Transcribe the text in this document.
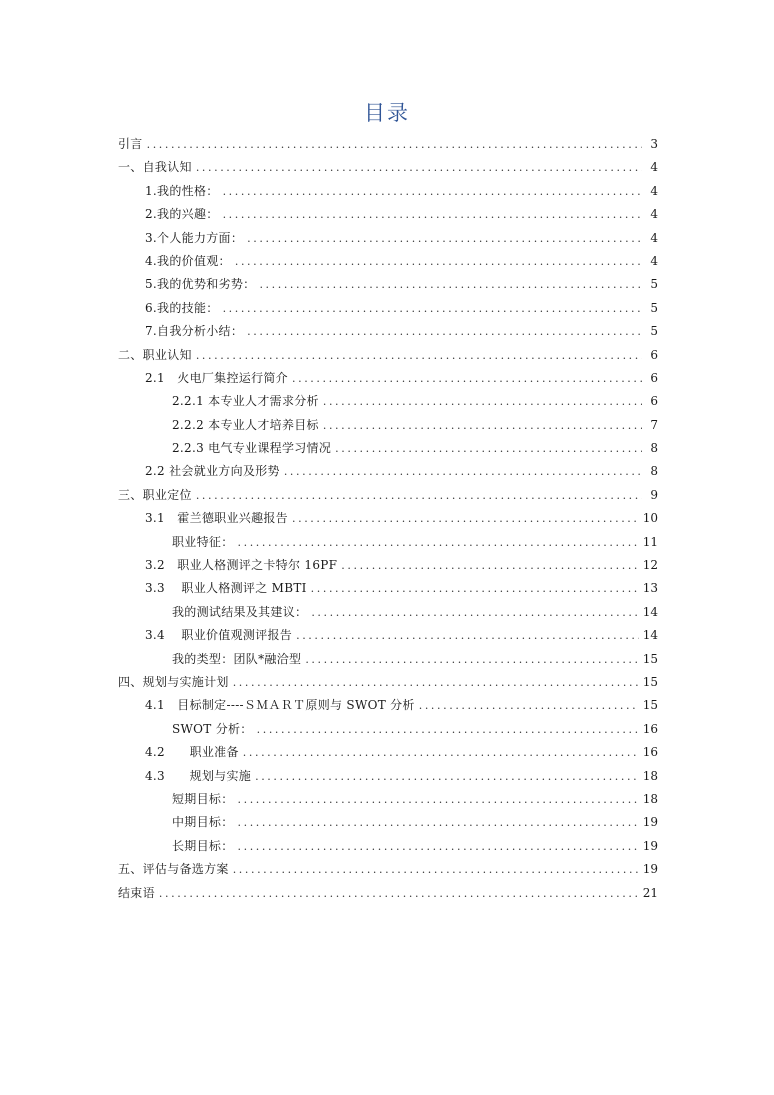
目录
引言 .....	3
一、自我认知 .....	4
1.我的性格： .....	4
2.我的兴趣： .....	4
3.个人能力方面： .....	4
4.我的价值观： .....	4
5.我的优势和劣势： .....	5
6.我的技能： .....	5
7.自我分析小结： .....	5
二、职业认知 .....	6
2.1　火电厂集控运行简介 .....	6
2.2.1 本专业人才需求分析 .....	6
2.2.2 本专业人才培养目标 .....	7
2.2.3 电气专业课程学习情况 .....	8
2.2 社会就业方向及形势 .....	8
三、职业定位 .....	9
3.1　霍兰德职业兴趣报告 .....	10
职业特征： .....	11
3.2　职业人格测评之卡特尔 16PF .....	12
3.3　 职业人格测评之 MBTI .....	13
我的测试结果及其建议： .....	14
3.4　 职业价值观测评报告 .....	14
我的类型：团队*融洽型 .....	15
四、规划与实施计划 .....	15
4.1　目标制定----ＳＭＡＲＴ原则与 SWOT 分析 .....	15
SWOT 分析： .....	16
4.2　　职业准备 .....	16
4.3　　规划与实施 .....	18
短期目标： .....	18
中期目标： .....	19
长期目标： .....	19
五、评估与备选方案 .....	19
结束语 .....	21
